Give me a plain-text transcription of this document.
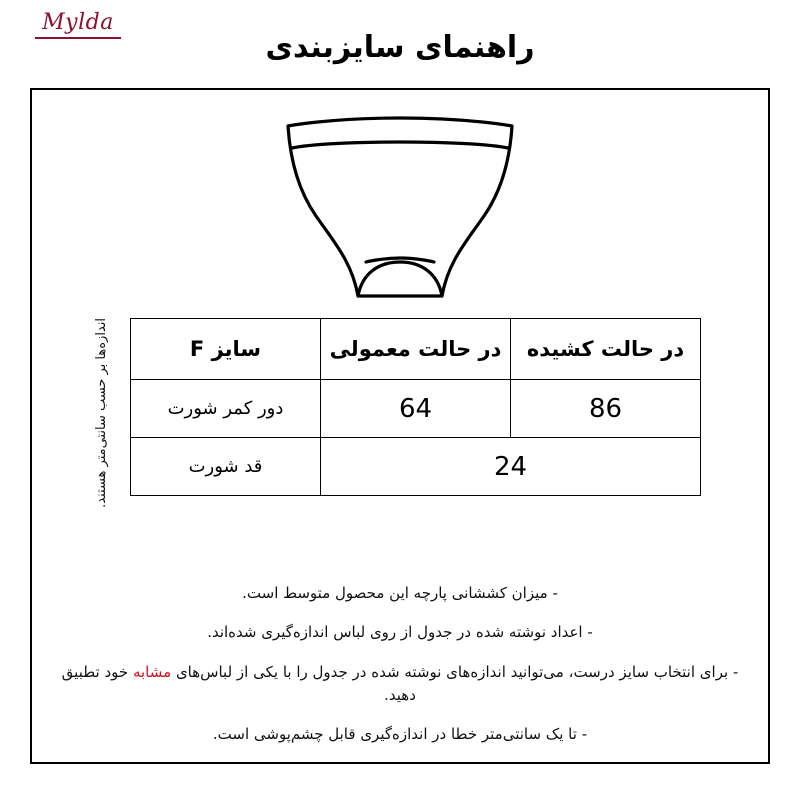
Mylda
راهنمای سایزبندی
اندازه‌ها بر حسب سانتی‌متر هستند.	در حالت کشیده	در حالت معمولی	سایز F
86	64	دور کمر شورت
24		قد شورت

- میزان کششانی پارچه این محصول متوسط است.

- اعداد نوشته شده در جدول از روی لباس اندازه‌گیری شده‌اند.

- برای انتخاب سایز درست، می‌توانید اندازه‌های نوشته شده در جدول را با یکی از لباس‌های مشابه خود تطبیق دهید.

- تا یک سانتی‌متر خطا در اندازه‌گیری قابل چشم‌پوشی است.
